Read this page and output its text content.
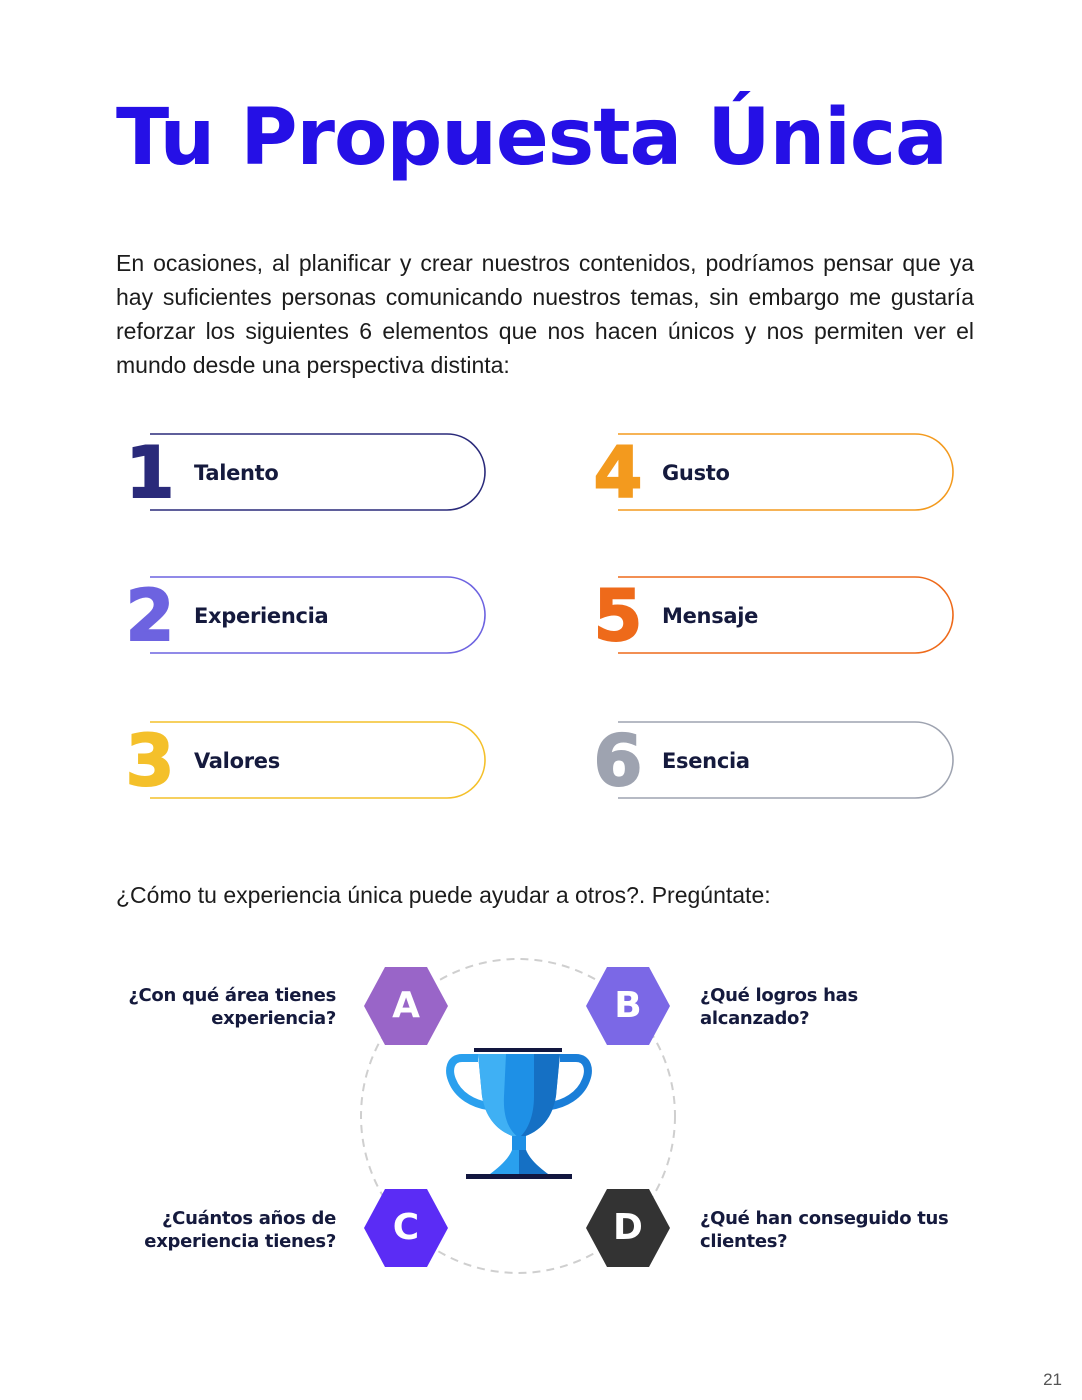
Tu Propuesta Única

En ocasiones, al planificar y crear nuestros contenidos, podríamos pensar que ya hay suficientes personas comunicando nuestros temas, sin embargo me gustaría reforzar los siguientes 6 elementos que nos hacen únicos y nos permiten ver el mundo desde una perspectiva distinta:

1 Talento
2 Experiencia
3 Valores
4 Gusto
5 Mensaje
6 Esencia

¿Cómo tu experiencia única puede ayudar a otros?. Pregúntate:

A	B
C	D
¿Con qué área tienes experiencia?
¿Qué logros has alcanzado?
¿Cuántos años de experiencia tienes?
¿Qué han conseguido tus clientes?
21
